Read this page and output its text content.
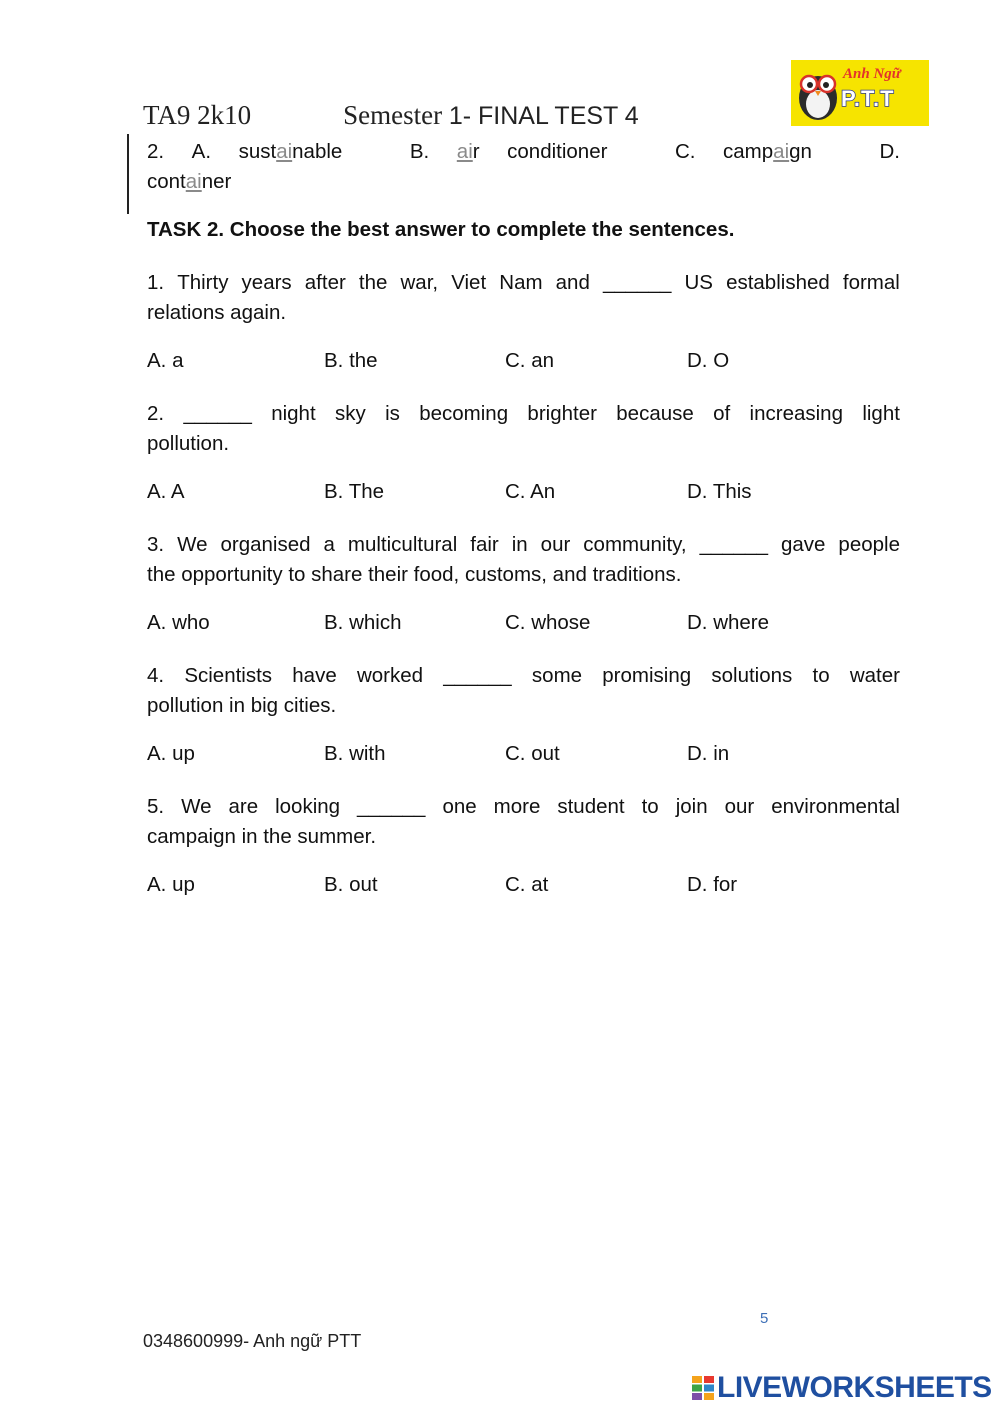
TA9 2k10	Semester 1- FINAL TEST 4
Anh Ngữ
P.T.T
2. A. sustainable	B. air conditioner	C. campaign	D.
container
TASK 2. Choose the best answer to complete the sentences.
1. Thirty years after the war, Viet Nam and ______ US established formal
relations again.
A. a	B. the	C. an	D. O
2. ______ night sky is becoming brighter because of increasing light
pollution.
A. A	B. The	C. An	D. This
3. We organised a multicultural fair in our community, ______ gave people
the opportunity to share their food, customs, and traditions.
A. who	B. which	C. whose	D. where
4. Scientists have worked ______ some promising solutions to water
pollution in big cities.
A. up	B. with	C. out	D. in
5. We are looking ______ one more student to join our environmental
campaign in the summer.
A. up	B. out	C. at	D. for
5
0348600999- Anh ngữ PTT
LIVEWORKSHEETS
